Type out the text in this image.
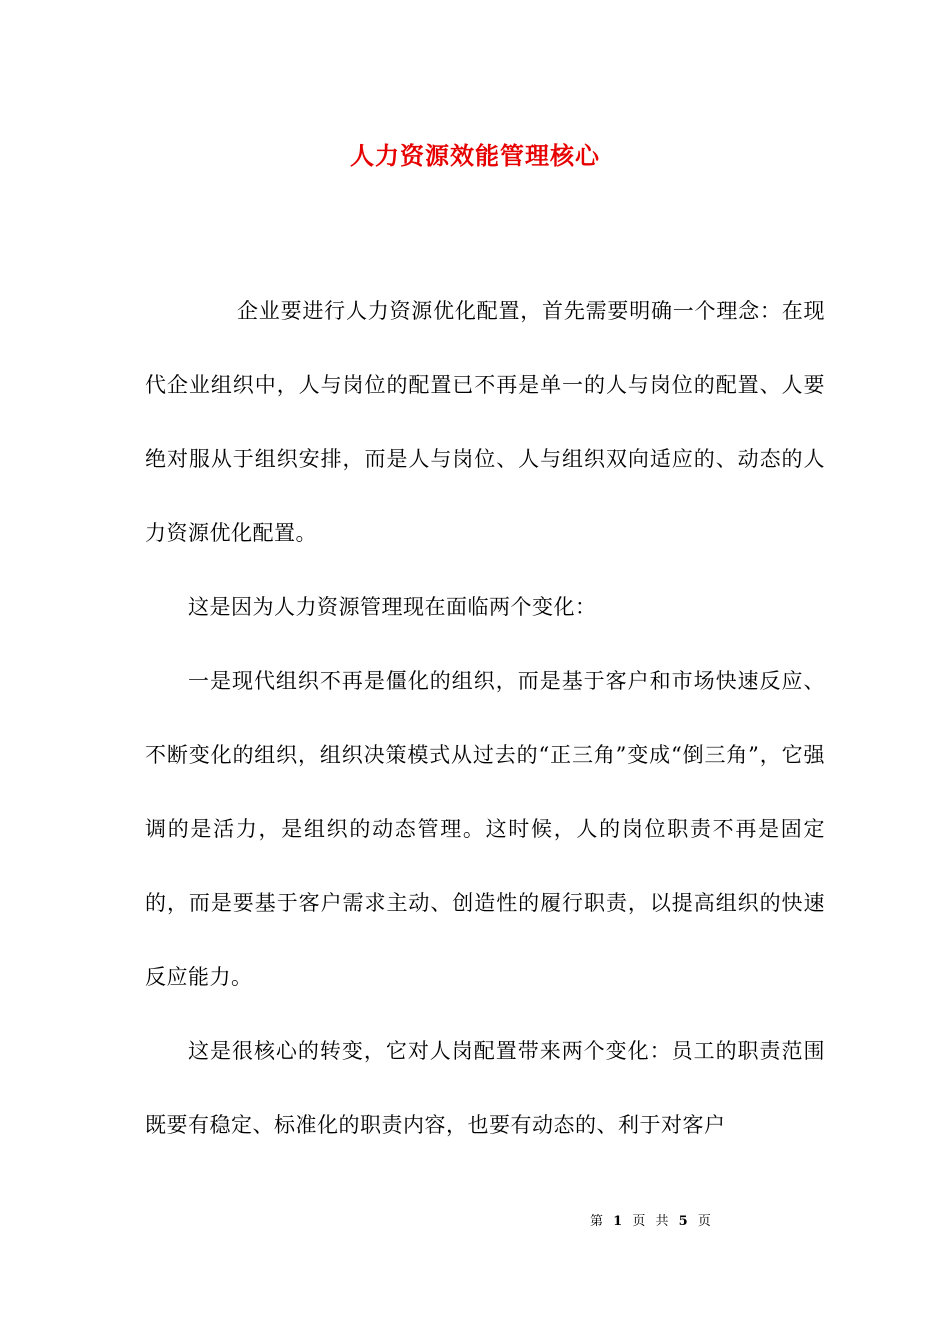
人力资源效能管理核心

企业要进行人力资源优化配置，首先需要明确一个理念：在现代企业组织中，人与岗位的配置已不再是单一的人与岗位的配置、人要绝对服从于组织安排，而是人与岗位、人与组织双向适应的、动态的人力资源优化配置。

这是因为人力资源管理现在面临两个变化：

一是现代组织不再是僵化的组织，而是基于客户和市场快速反应、不断变化的组织，组织决策模式从过去的“正三角”变成“倒三角”，它强调的是活力，是组织的动态管理。这时候，人的岗位职责不再是固定的，而是要基于客户需求主动、创造性的履行职责，以提高组织的快速反应能力。

这是很核心的转变，它对人岗配置带来两个变化：员工的职责范围既要有稳定、标准化的职责内容，也要有动态的、利于对客户

第 1 页 共 5 页
